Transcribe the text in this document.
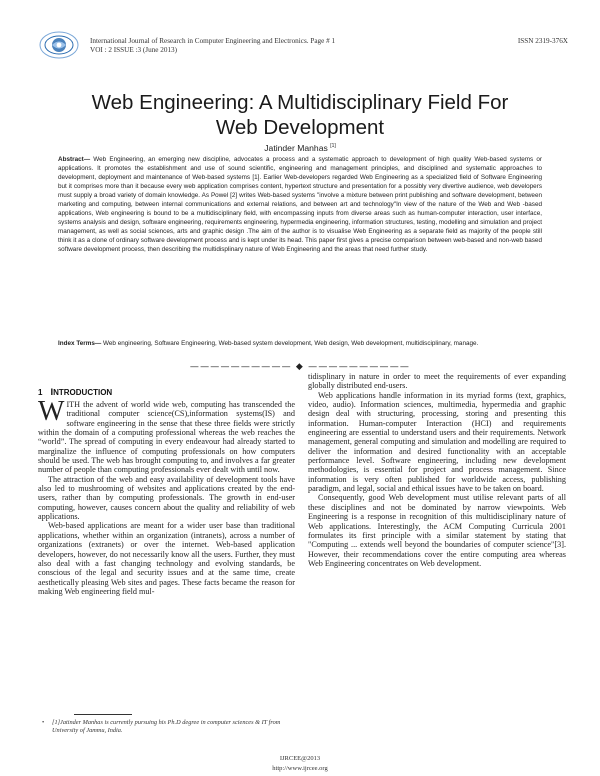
International Journal of Research in Computer Engineering and Electronics. Page # 1
VOI : 2 ISSUE :3 (June 2013)
ISSN 2319-376X
Web Engineering: A Multidisciplinary Field For
Web Development
Jatinder Manhas [1]
Abstract— Web Engineering, an emerging new discipline, advocates a process and a systematic approach to development of high quality Web-based systems or applications. It promotes the establishment and use of sound scientific, engineering and management principles, and disciplined and systematic approaches to development, deployment and maintenance of Web-based systems [1]. Earlier Web-developers regarded Web Engineering as a specialized field of Software Engineering but it comprises more than it because every web application comprises content, hypertext structure and presentation for a possibly very divertive audience, web developers must supply a broad variety of domain knowledge. As Powel [2] writes Web-based systems "involve a mixture between print publishing and software development, between marketing and computing, between internal communications and external relations, and between art and technology"In view of the nature of the Web and Web -based applications, Web engineering is bound to be a multidisciplinary field, with encompassing inputs from diverse areas such as human-computer interaction, user interface, systems analysis and design, software engineering, requirements engineering, hypermedia engineering, information structures, testing, modelling and simulation and project management, as well as social sciences, arts and graphic design .The aim of the author is to visualise Web Engineering as a separate field as majority of the people still think it as a clone of ordinary software development process and is kept under its head. This paper first gives a precise comparison between web-based and non-web based software development process, then describing the multidisplinary nature of Web Engineering and the areas that need further study.
Index Terms— Web engineering, Software Engineering, Web-based system development, Web design, Web development, multidisciplinary, manage.
—————————— ◆ ——————————
1 INTRODUCTION

WITH the advent of world wide web, computing has transcended the traditional computer science(CS),information systems(IS) and software engineering in the sense that these three fields were strictly within the domain of a computing professional whereas the web reaches the “world”. The spread of computing in every endeavour had already started to marginalize the influence of computing professionals on how computers should be used. The web has brought computing to, and involves a far greater number of people than computing professionals ever dealt with until now.

The attraction of the web and easy availability of development tools have also led to mushrooming of websites and applications created by the end-users, rather than by computing professionals. The growth in end-user computing, however, causes concern about the quality and reliability of web applications.

Web-based applications are meant for a wider user base than traditional applications, whether within an organization (intranets), across a number of organizations (extranets) or over the internet. Web-based application developers, however, do not necessarily know all the users. Further, they must also deal with a fast changing technology and evolving standards, be conscious of the legal and security issues and at the same time, create aesthetically pleasing Web sites and pages. These facts became the reason for making Web engineering field mul-

tidisplinary in nature in order to meet the requirements of ever expanding globally distributed end-users.

Web applications handle information in its myriad forms (text, graphics, video, audio). Information sciences, multimedia, hypermedia and graphic design deal with structuring, processing, storing and presenting this information. Human-computer Interaction (HCI) and requirements engineering are essential to understand users and their requirements. Network management, general computing and simulation and modelling are required to deliver the information and desired functionality with an acceptable performance level. Software engineering, including new development methodologies, is essential for project and process management. Since information is very often published for worldwide access, publishing paradigm, and legal, social and ethical issues have to be taken on board.

Consequently, good Web development must utilise relevant parts of all these disciplines and not be dominated by narrow viewpoints. Web Engineering is a response in recognition of this multidisciplinary nature of Web applications. Interestingly, the ACM Computing Curricula 2001 formulates its first principle with a similar statement by stating that "Computing ... extends well beyond the boundaries of computer science"[3]. However, their recommendations cover the entire computing area whereas Web Engineering concentrates on Web development.

•	[1]Jatinder Manhas is currently pursuing his Ph.D degree in computer sciences & IT from University of Jammu, India.
IJRCEE@2013
http://www.ijrcee.org
